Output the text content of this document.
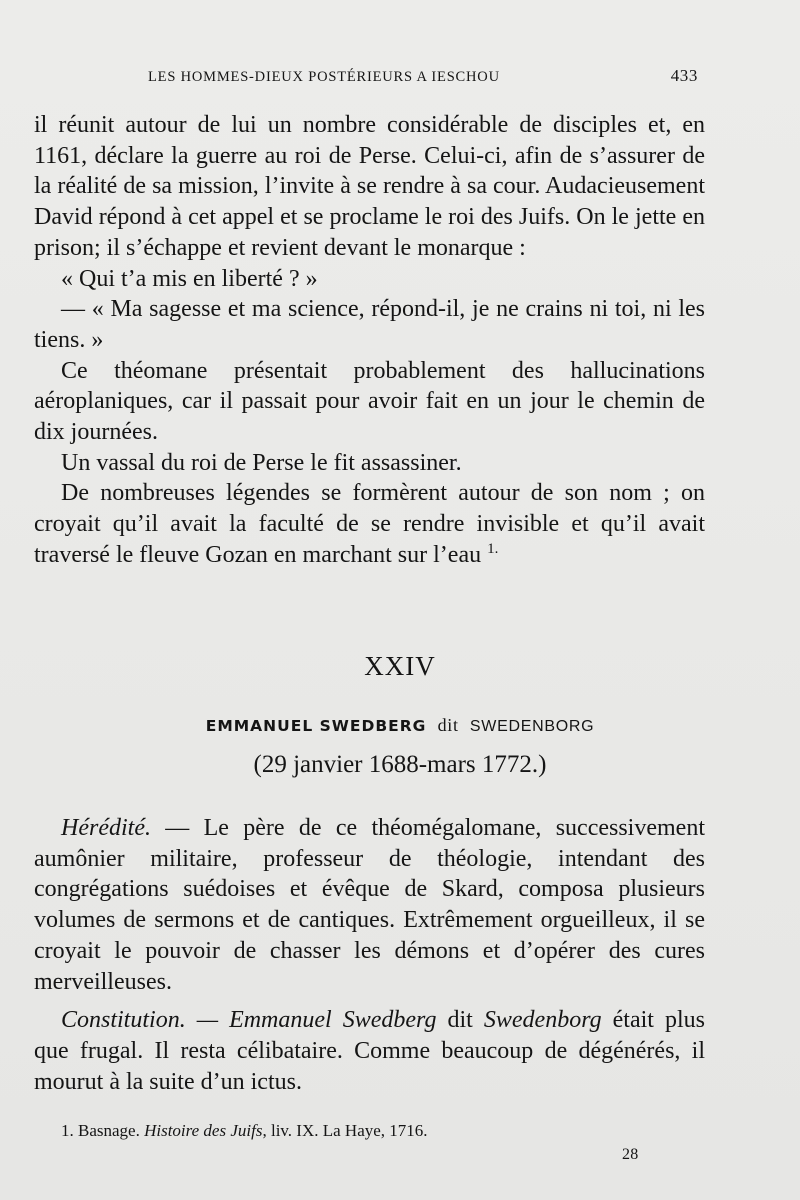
LES HOMMES-DIEUX POSTÉRIEURS A IESCHOU	433

il réunit autour de lui un nombre considérable de disciples et, en 1161, déclare la guerre au roi de Perse. Celui-ci, afin de s’assurer de la réalité de sa mission, l’invite à se rendre à sa cour. Audacieusement David répond à cet appel et se proclame le roi des Juifs. On le jette en prison; il s’échappe et revient devant le monarque :

« Qui t’a mis en liberté ? »

— « Ma sagesse et ma science, répond-il, je ne crains ni toi, ni les tiens. »

Ce théomane présentait probablement des hallucinations aéroplaniques, car il passait pour avoir fait en un jour le chemin de dix journées.

Un vassal du roi de Perse le fit assassiner.

De nombreuses légendes se formèrent autour de son nom ; on croyait qu’il avait la faculté de se rendre invisible et qu’il avait traversé le fleuve Gozan en marchant sur l’eau $^{1.}$

XXIV
EMMANUEL SWEDBERG dit SWEDENBORG
(29 janvier 1688-mars 1772.)

Hérédité. — Le père de ce théomégalomane, successivement aumônier militaire, professeur de théologie, intendant des congrégations suédoises et évêque de Skard, composa plusieurs volumes de sermons et de cantiques. Extrêmement orgueilleux, il se croyait le pouvoir de chasser les démons et d’opérer des cures merveilleuses.

Constitution. — Emmanuel Swedberg dit Swedenborg était plus que frugal. Il resta célibataire. Comme beaucoup de dégénérés, il mourut à la suite d’un ictus.

1. Basnage. Histoire des Juifs, liv. IX. La Haye, 1716.
28
